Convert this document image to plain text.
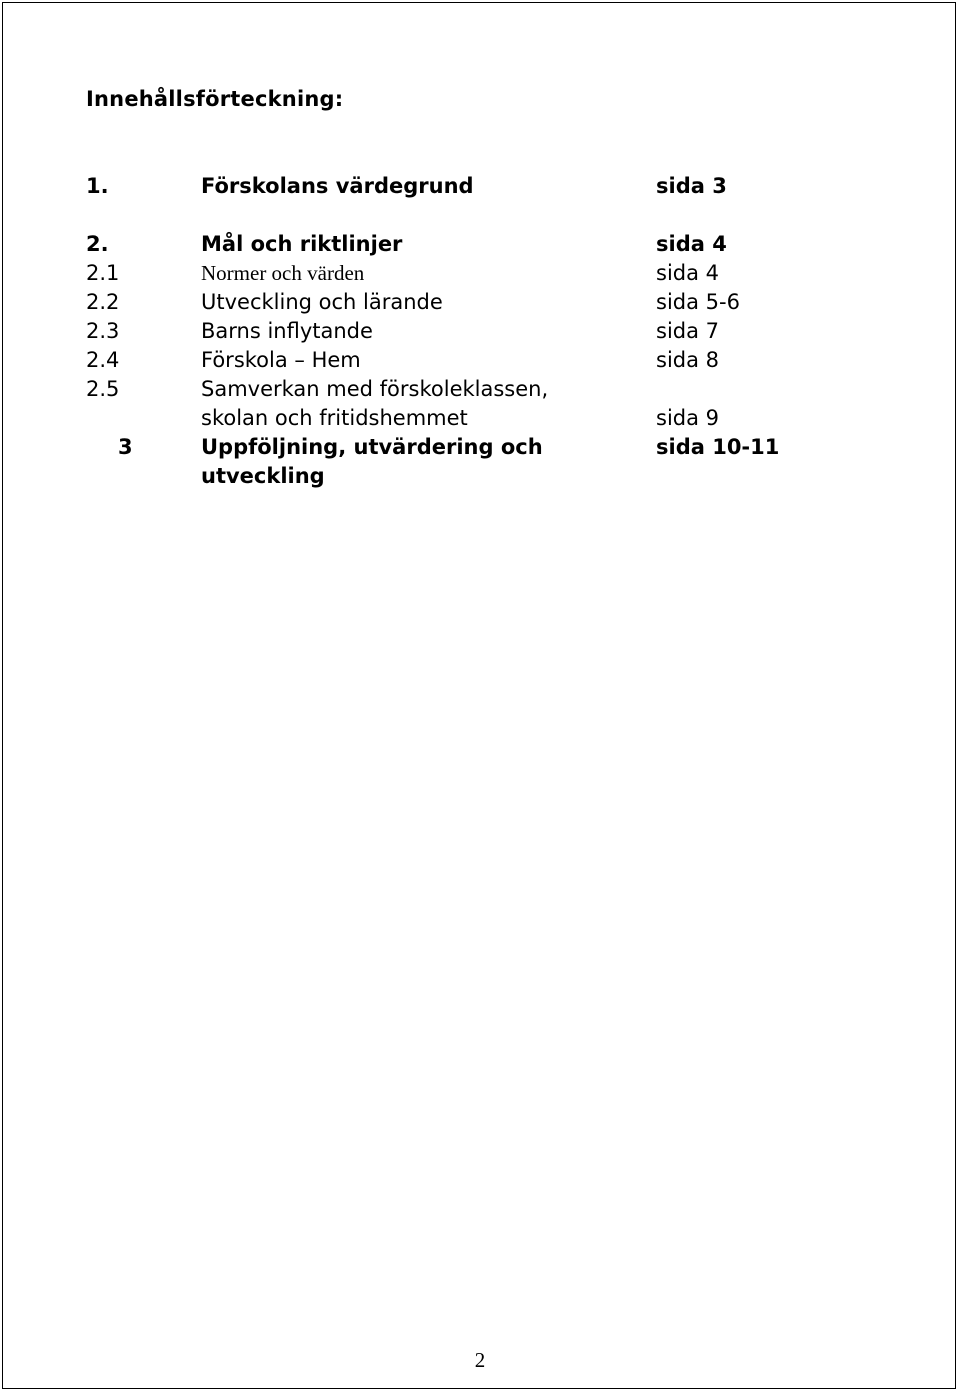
Innehållsförteckning:
1.	Förskolans värdegrund	sida 3
2.	Mål och riktlinjer	sida 4
2.1	Normer och värden	sida 4
2.2	Utveckling och lärande	sida 5-6
2.3	Barns inflytande	sida 7
2.4	Förskola – Hem	sida 8
2.5	Samverkan med förskoleklassen,
skolan och fritidshemmet	sida 9
3	Uppföljning, utvärdering och	sida 10-11
utveckling
2
